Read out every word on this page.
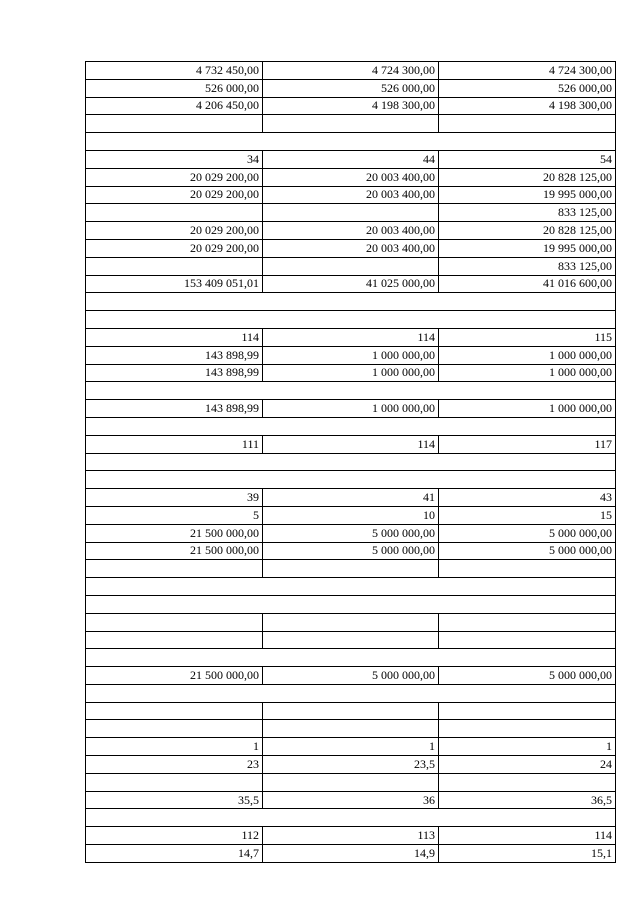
4 732 450,00	4 724 300,00	4 724 300,00
526 000,00	526 000,00	526 000,00
4 206 450,00	4 198 300,00	4 198 300,00

34	44	54
20 029 200,00	20 003 400,00	20 828 125,00
20 029 200,00	20 003 400,00	19 995 000,00
		833 125,00
20 029 200,00	20 003 400,00	20 828 125,00
20 029 200,00	20 003 400,00	19 995 000,00
		833 125,00
153 409 051,01	41 025 000,00	41 016 600,00

114	114	115
143 898,99	1 000 000,00	1 000 000,00
143 898,99	1 000 000,00	1 000 000,00

143 898,99	1 000 000,00	1 000 000,00

111	114	117

39	41	43
5	10	15
21 500 000,00	5 000 000,00	5 000 000,00
21 500 000,00	5 000 000,00	5 000 000,00

21 500 000,00	5 000 000,00	5 000 000,00

1	1	1
23	23,5	24

35,5	36	36,5

112	113	114
14,7	14,9	15,1
